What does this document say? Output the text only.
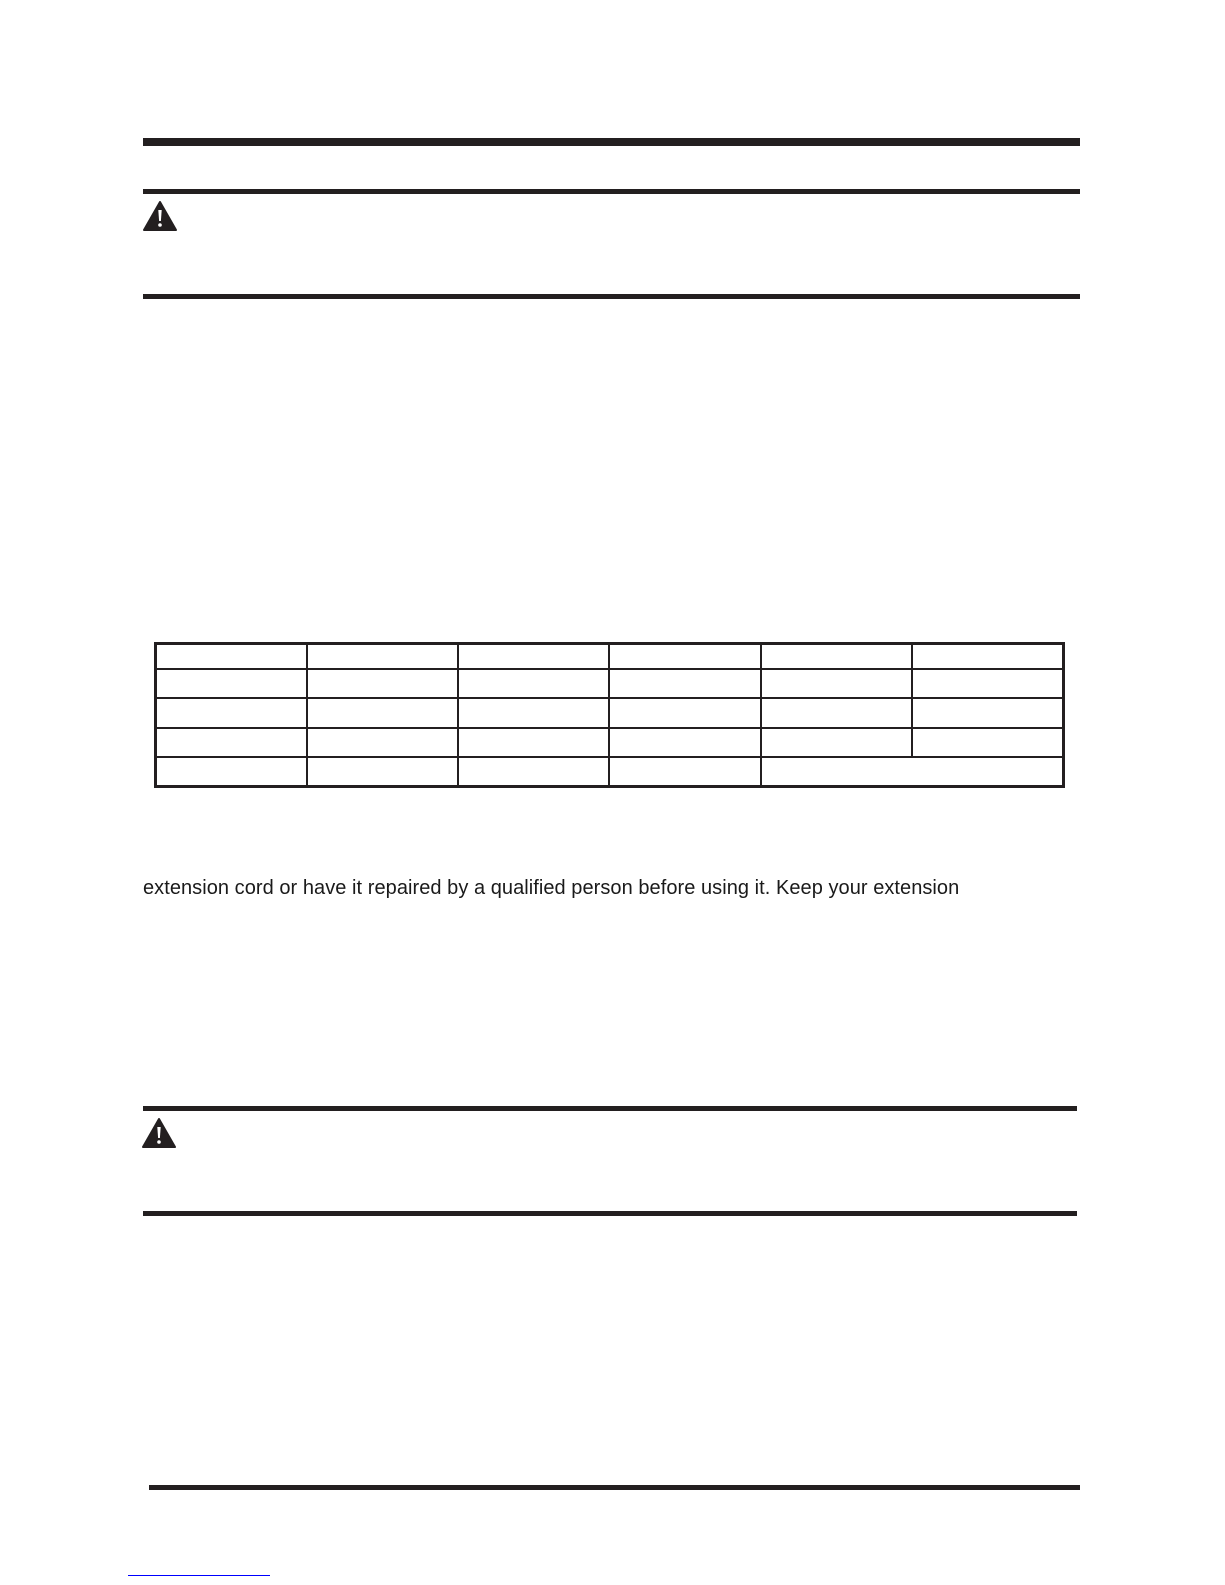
extension cord or have it repaired by a qualified person before using it. Keep your extension
